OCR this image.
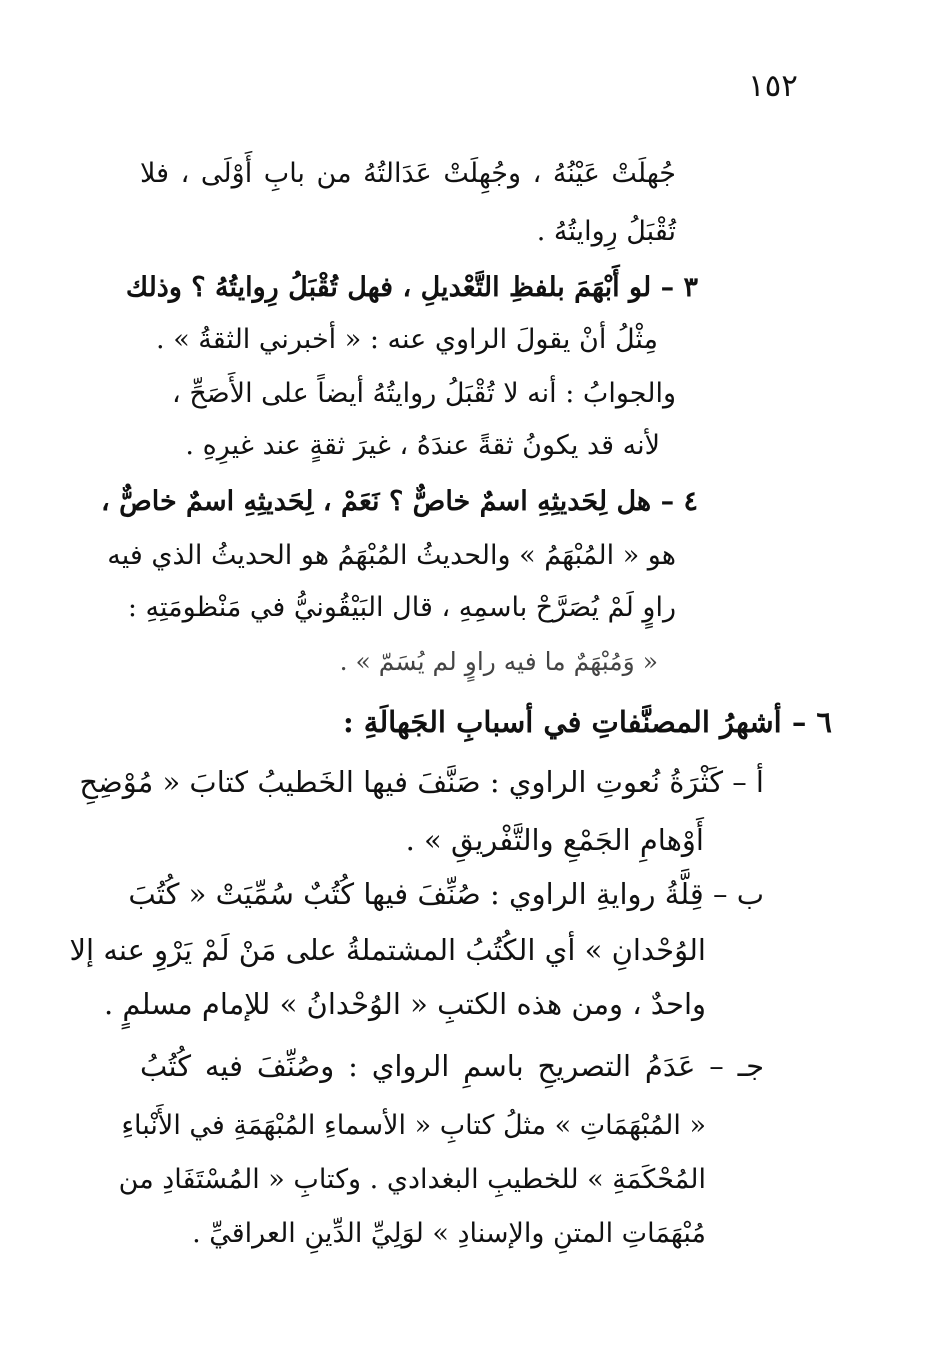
١٥٢
جُهلَتْ عَيْنُهُ ، وجُهِلَتْ عَدَالتُهُ من بابِ أَوْلَى ، فلا
تُقْبَلُ رِوايتُهُ .
٣ – لو أَبْهَمَ بلفظِ التَّعْديلِ ، فهل تُقْبَلُ رِوايتُهُ ؟ وذلك
مِثْلُ أنْ يقولَ الراوي عنه : « أخبرني الثقةُ » .
والجوابُ : أنه لا تُقْبَلُ روايتُهُ أيضاً على الأَصَحِّ ،
لأنه قد يكونُ ثقةً عندَهُ ، غيرَ ثقةٍ عند غيرِهِ .
٤ – هل لِحَديثِهِ اسمٌ خاصٌّ ؟ نَعَمْ ، لِحَديثِهِ اسمٌ خاصٌّ ،
هو « المُبْهَمُ » والحديثُ المُبْهَمُ هو الحديثُ الذي فيه
راوٍ لَمْ يُصَرَّحْ باسمِهِ ، قال البَيْقُونيُّ في مَنْظومَتِهِ :
« وَمُبْهَمٌ ما فيه راوٍ لم يُسَمّ » .
٦ – أشهرُ المصنَّفاتِ في أسبابِ الجَهالَةِ :
أ – كَثْرَةُ نُعوتِ الراوي : صَنَّفَ فيها الخَطيبُ كتابَ « مُوْضِحِ
أَوْهامِ الجَمْعِ والتَّفْريقِ » .
ب – قِلَّةُ روايةِ الراوي : صُنِّفَ فيها كُتُبٌ سُمِّيَتْ « كُتُبَ
الوُحْدانِ » أي الكُتُبُ المشتملةُ على مَنْ لَمْ يَرْوِ عنه إلا
واحدٌ ، ومن هذه الكتبِ « الوُحْدانُ » للإمام مسلمٍ .
جـ – عَدَمُ التصريحِ باسمِ الرواي : وصُنِّفَ فيه كُتُبُ
« المُبْهَمَاتِ » مثلُ كتابِ « الأسماءِ المُبْهَمَةِ في الأَنْباءِ
المُحْكَمَةِ » للخطيبِ البغدادي . وكتابِ « المُسْتَفَادِ من
مُبْهَمَاتِ المتنِ والإسنادِ » لوَلِيِّ الدِّينِ العراقيِّ .
